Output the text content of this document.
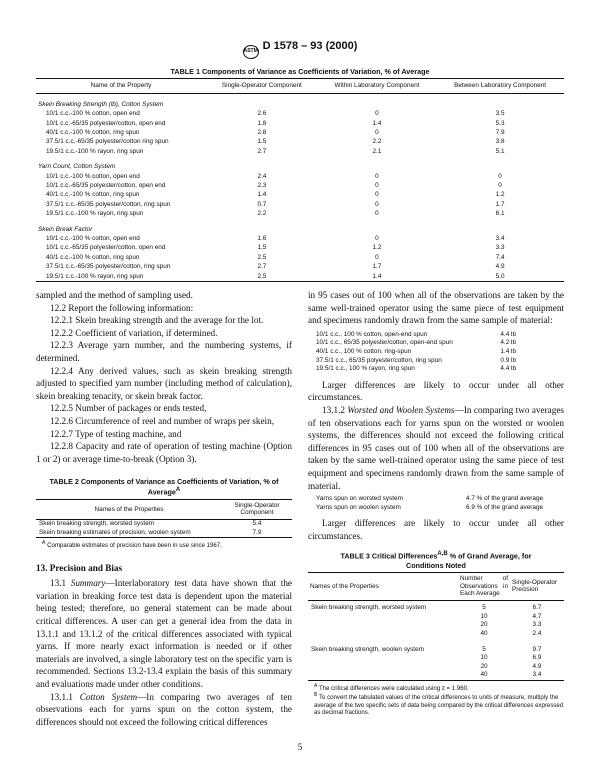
ASTM D 1578 – 93 (2000)
TABLE 1 Components of Variance as Coefficients of Variation, % of Average
Name of the Property	Single-Operator Component	Within Laboratory Component	Between Laboratory Component
Skein Breaking Strength (lb), Cotton System			
10/1 c.c.-100 % cotton, open end	2.6	0	3.5
10/1 c.c.-65/35 polyester/cotton, open end	1.8	1.4	5.3
40/1 c.c.-100 % cotton, ring spun	2.8	0	7.9
37.5/1 c.c.-65/35 polyester/cotton ring spun	1.5	2.2	3.8
19.5/1 c.c.-100 % rayon, ring spun	2.7	2.1	5.1
Yarn Count, Cotton System			
10/1 c.c.-100 % cotton, open end	2.4	0	0
10/1 c.c.-65/35 polyester/cotton, open end	2.3	0	0
40/1 c.c.-100 % cotton, ring spun	1.4	0	1.2
37.5/1 c.c.-65/35 polyester/cotton, ring spun	0.7	0	1.7
19.5/1 c.c.-100 % rayon, ring spun	2.2	0	6.1
Skein Break Factor			
10/1 c.c.-100 % cotton, open end	1.6	0	3.4
10/1 c.c.-65/35 polyester/cotton, open end	1.5	1.2	3.3
40/1 c.c.-100 % cotton, ring spun	2.5	0	7.4
37.5/1 c.c.-65/35 polyester/cotton, ring spun	2.7	1.7	4.9
19.5/1 c.c.-100 % rayon, ring spun	2.5	1.4	5.0

sampled and the method of sampling used.

12.2 Report the following information:

12.2.1 Skein breaking strength and the average for the lot.

12.2.2 Coefficient of variation, if determined.

12.2.3 Average yarn number, and the numbering systems, if determined.

12.2.4 Any derived values, such as skein breaking strength adjusted to specified yarn number (including method of calculation), skein breaking tenacity, or skein break factor.

12.2.5 Number of packages or ends tested,

12.2.6 Circumference of reel and number of wraps per skein,

12.2.7 Type of testing machine, and

12.2.8 Capacity and rate of operation of testing machine (Option 1 or 2) or average time-to-break (Option 3).

TABLE 2 Components of Variance as Coefficients of Variation, % of Average$^A$
Names of the Properties	Single-Operator Component
Skein breaking strength, worsted system	5.4
Skein breaking estimates of precision, woolen system	7.9
$^A$ Comparable estimates of precision have been in use since 1967.

13. Precision and Bias

13.1 Summary—Interlaboratory test data have shown that the variation in breaking force test data is dependent upon the material being tested; therefore, no general statement can be made about critical differences. A user can get a general idea from the data in 13.1.1 and 13.1.2 of the critical differences associated with typical yarns. If more nearly exact information is needed or if other materials are involved, a single laboratory test on the specific yarn is recommended. Sections 13.2-13.4 explain the basis of this summary and evaluations made under other conditions.

13.1.1 Cotton System—In comparing two averages of ten observations each for yarns spun on the cotton system, the differences should not exceed the following critical differences

in 95 cases out of 100 when all of the observations are taken by the same well-trained operator using the same piece of test equipment and specimens randomly drawn from the same sample of material:

10/1 c.c., 100 % cotton, open-end spun	4.4 lb
10/1 c.c., 65/35 polyester/cotton, open-end spun	4.2 lb
40/1 c.c., 100 % cotton, ring-spun	1.4 lb
37.5/1 c.c., 65/35 polyester/cotton, ring spun	0.9 lb
19.5/1 c.c., 100 % rayon, ring spun	4.4 lb

Larger differences are likely to occur under all other circumstances.

13.1.2 Worsted and Woolen Systems—In comparing two averages of ten observations each for yarns spun on the worsted or woolen systems, the differences should not exceed the following critical differences in 95 cases out of 100 when all of the observations are taken by the same well-trained operator using the same piece of test equipment and specimens randomly drawn from the same sample of material.

Yarns spun on worsted system	4.7 % of the grand average
Yarns spun on woolen system	6.9 % of the grand average

Larger differences are likely to occur under all other circumstances.

TABLE 3 Critical Differences$^{A,B}$ % of Grand Average, for Conditions Noted
Names of the Properties	Number of Observations in Each Average	Single-Operator Precision

Skein breaking strength, worsted system	5	6.7
	10	4.7
	20	3.3
	40	2.4

Skein breaking strength, woolen system	5	9.7
	10	6.9
	20	4.9
	40	3.4
$^A$ The critical differences were calculated using z = 1.960.
$^B$ To convert the tabulated values of the critical differences to units of measure, multiply the average of the two specific sets of data being compared by the critical differences expressed as decimal fractions.
5
